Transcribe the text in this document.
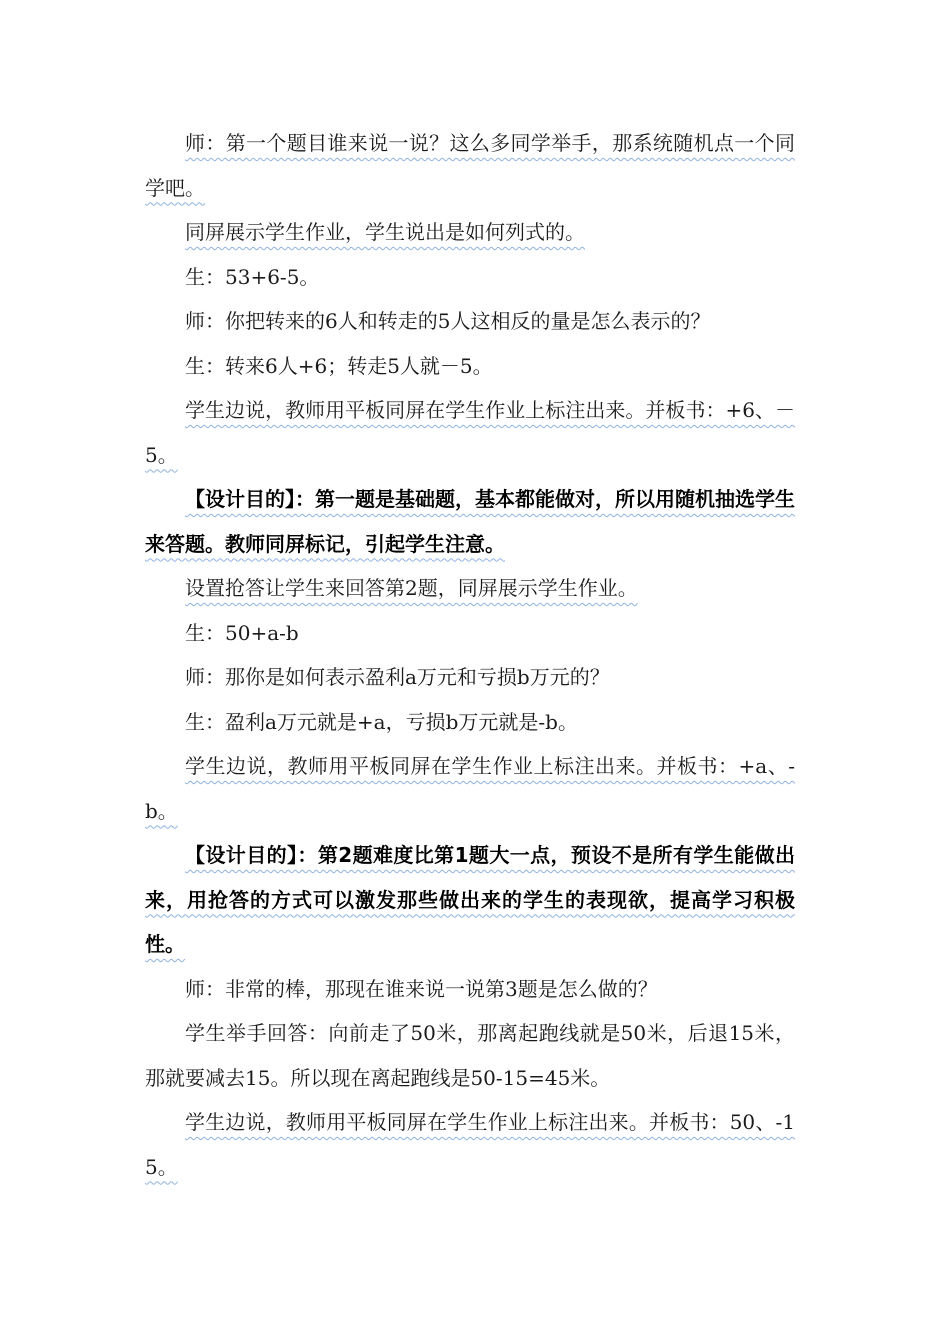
师：第一个题目谁来说一说？这么多同学举手，那系统随机点一个同学吧。

同屏展示学生作业，学生说出是如何列式的。

生：53+6-5。

师：你把转来的6人和转走的5人这相反的量是怎么表示的？

生：转来6人+6；转走5人就－5。

学生边说，教师用平板同屏在学生作业上标注出来。并板书：+6、－5。

【设计目的】：第一题是基础题，基本都能做对，所以用随机抽选学生来答题。教师同屏标记，引起学生注意。

设置抢答让学生来回答第2题，同屏展示学生作业。

生：50+a-b

师：那你是如何表示盈利a万元和亏损b万元的？

生：盈利a万元就是+a，亏损b万元就是-b。

学生边说，教师用平板同屏在学生作业上标注出来。并板书：+a、-b。

【设计目的】：第2题难度比第1题大一点，预设不是所有学生能做出来，用抢答的方式可以激发那些做出来的学生的表现欲，提高学习积极性。

师：非常的棒，那现在谁来说一说第3题是怎么做的？

学生举手回答：向前走了50米，那离起跑线就是50米，后退15米，那就要减去15。所以现在离起跑线是50-15=45米。

学生边说，教师用平板同屏在学生作业上标注出来。并板书：50、-15。
